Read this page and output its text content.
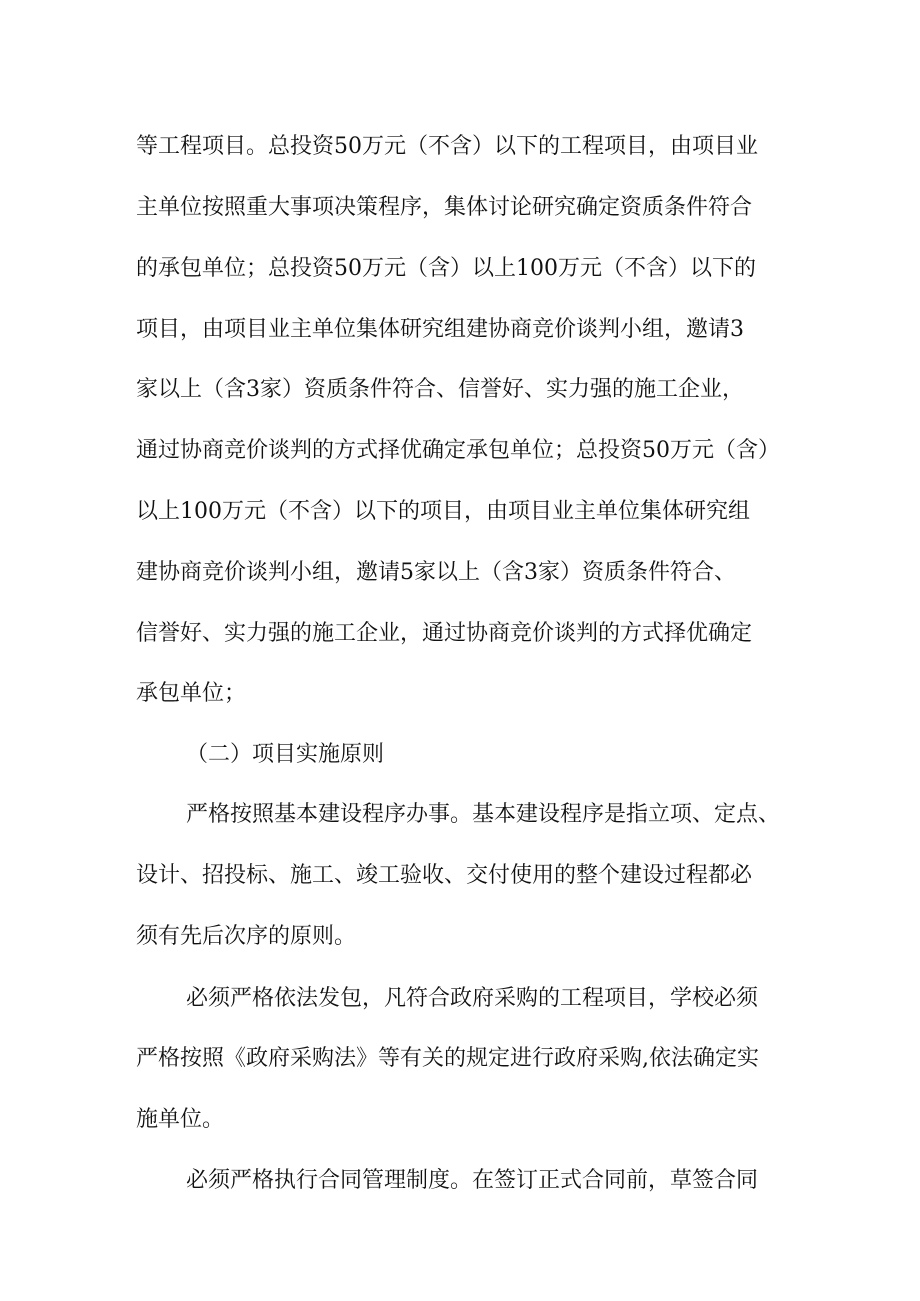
等工程项目。总投资50万元（不含）以下的工程项目，由项目业

主单位按照重大事项决策程序，集体讨论研究确定资质条件符合

的承包单位；总投资50万元（含）以上100万元（不含）以下的

项目，由项目业主单位集体研究组建协商竞价谈判小组，邀请3

家以上（含3家）资质条件符合、信誉好、实力强的施工企业，

通过协商竞价谈判的方式择优确定承包单位；总投资50万元（含）

以上100万元（不含）以下的项目，由项目业主单位集体研究组

建协商竞价谈判小组，邀请5家以上（含3家）资质条件符合、

信誉好、实力强的施工企业，通过协商竞价谈判的方式择优确定

承包单位；

（二）项目实施原则

严格按照基本建设程序办事。基本建设程序是指立项、定点、

设计、招投标、施工、竣工验收、交付使用的整个建设过程都必

须有先后次序的原则。

必须严格依法发包，凡符合政府采购的工程项目，学校必须

严格按照《政府采购法》等有关的规定进行政府采购,依法确定实

施单位。

必须严格执行合同管理制度。在签订正式合同前，草签合同
